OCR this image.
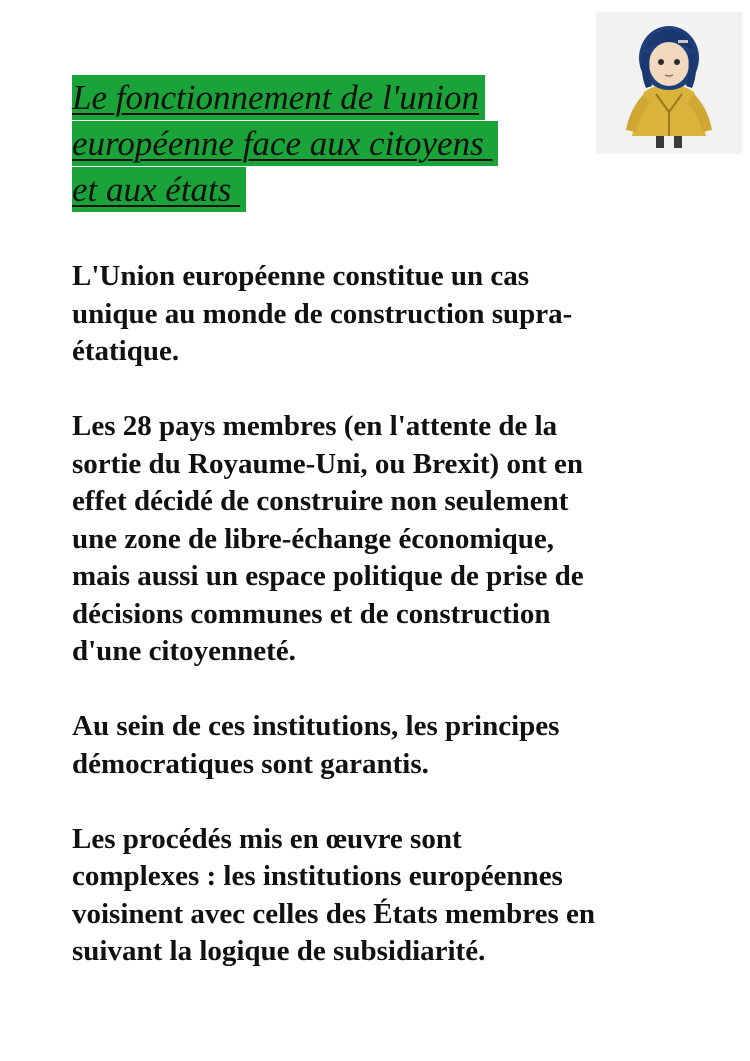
Le fonctionnement de l'union
européenne face aux citoyens
et aux états

L'Union européenne constitue un cas
unique au monde de construction supra-
étatique.

Les 28 pays membres (en l'attente de la
sortie du Royaume-Uni, ou Brexit) ont en
effet décidé de construire non seulement
une zone de libre-échange économique,
mais aussi un espace politique de prise de
décisions communes et de construction
d'une citoyenneté.

Au sein de ces institutions, les principes
démocratiques sont garantis.

Les procédés mis en œuvre sont
complexes : les institutions européennes
voisinent avec celles des États membres en
suivant la logique de subsidiarité.
